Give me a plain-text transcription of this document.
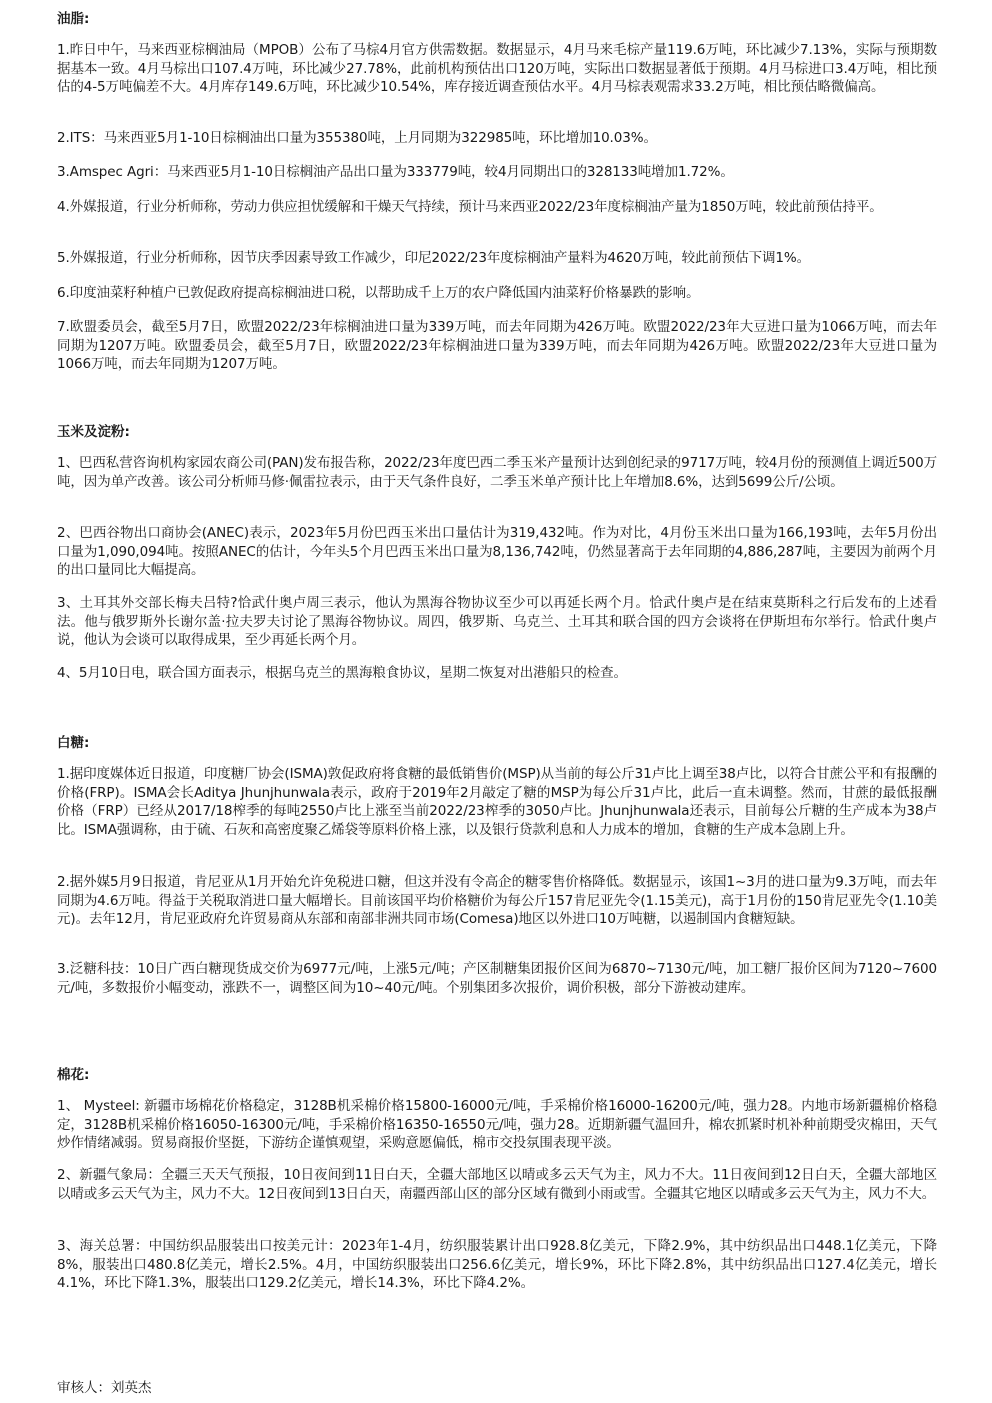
油脂:

1.昨日中午，马来西亚棕榈油局（MPOB）公布了马棕4月官方供需数据。数据显示，4月马来毛棕产量119.6万吨，环比减少7.13%，实际与预期数据基本一致。4月马棕出口107.4万吨，环比减少27.78%，此前机构预估出口120万吨，实际出口数据显著低于预期。4月马棕进口3.4万吨，相比预估的4-5万吨偏差不大。4月库存149.6万吨，环比减少10.54%，库存接近调查预估水平。4月马棕表观需求33.2万吨，相比预估略微偏高。

2.ITS：马来西亚5月1-10日棕榈油出口量为355380吨，上月同期为322985吨，环比增加10.03%。

3.Amspec Agri：马来西亚5月1-10日棕榈油产品出口量为333779吨，较4月同期出口的328133吨增加1.72%。

4.外媒报道，行业分析师称，劳动力供应担忧缓解和干燥天气持续，预计马来西亚2022/23年度棕榈油产量为1850万吨，较此前预估持平。

5.外媒报道，行业分析师称，因节庆季因素导致工作减少，印尼2022/23年度棕榈油产量料为4620万吨，较此前预估下调1%。

6.印度油菜籽种植户已敦促政府提高棕榈油进口税，以帮助成千上万的农户降低国内油菜籽价格暴跌的影响。

7.欧盟委员会，截至5月7日，欧盟2022/23年棕榈油进口量为339万吨，而去年同期为426万吨。欧盟2022/23年大豆进口量为1066万吨，而去年同期为1207万吨。欧盟委员会，截至5月7日，欧盟2022/23年棕榈油进口量为339万吨，而去年同期为426万吨。欧盟2022/23年大豆进口量为1066万吨，而去年同期为1207万吨。

玉米及淀粉:

1、巴西私营咨询机构家园农商公司(PAN)发布报告称，2022/23年度巴西二季玉米产量预计达到创纪录的9717万吨，较4月份的预测值上调近500万吨，因为单产改善。该公司分析师马修·佩雷拉表示，由于天气条件良好，二季玉米单产预计比上年增加8.6%，达到5699公斤/公顷。

2、巴西谷物出口商协会(ANEC)表示，2023年5月份巴西玉米出口量估计为319,432吨。作为对比，4月份玉米出口量为166,193吨，去年5月份出口量为1,090,094吨。按照ANEC的估计，今年头5个月巴西玉米出口量为8,136,742吨，仍然显著高于去年同期的4,886,287吨，主要因为前两个月的出口量同比大幅提高。

3、土耳其外交部长梅夫吕特?恰武什奥卢周三表示，他认为黑海谷物协议至少可以再延长两个月。恰武什奥卢是在结束莫斯科之行后发布的上述看法。他与俄罗斯外长谢尔盖·拉夫罗夫讨论了黑海谷物协议。周四，俄罗斯、乌克兰、土耳其和联合国的四方会谈将在伊斯坦布尔举行。恰武什奥卢说，他认为会谈可以取得成果，至少再延长两个月。

4、5月10日电，联合国方面表示，根据乌克兰的黑海粮食协议，星期二恢复对出港船只的检查。

白糖:

1.据印度媒体近日报道，印度糖厂协会(ISMA)敦促政府将食糖的最低销售价(MSP)从当前的每公斤31卢比上调至38卢比，以符合甘蔗公平和有报酬的价格(FRP)。ISMA会长Aditya Jhunjhunwala表示，政府于2019年2月敲定了糖的MSP为每公斤31卢比，此后一直未调整。然而，甘蔗的最低报酬价格（FRP）已经从2017/18榨季的每吨2550卢比上涨至当前2022/23榨季的3050卢比。Jhunjhunwala还表示，目前每公斤糖的生产成本为38卢比。ISMA强调称，由于硫、石灰和高密度聚乙烯袋等原料价格上涨，以及银行贷款利息和人力成本的增加，食糖的生产成本急剧上升。

2.据外媒5月9日报道，肯尼亚从1月开始允许免税进口糖，但这并没有令高企的糖零售价格降低。数据显示，该国1~3月的进口量为9.3万吨，而去年同期为4.6万吨。得益于关税取消进口量大幅增长。目前该国平均价格糖价为每公斤157肯尼亚先令(1.15美元)，高于1月份的150肯尼亚先令(1.10美元)。去年12月，肯尼亚政府允许贸易商从东部和南部非洲共同市场(Comesa)地区以外进口10万吨糖，以遏制国内食糖短缺。

3.泛糖科技：10日广西白糖现货成交价为6977元/吨，上涨5元/吨；产区制糖集团报价区间为6870~7130元/吨，加工糖厂报价区间为7120~7600元/吨，多数报价小幅变动，涨跌不一，调整区间为10~40元/吨。个别集团多次报价，调价积极，部分下游被动建库。

棉花:

1、 Mysteel: 新疆市场棉花价格稳定，3128B机采棉价格15800-16000元/吨，手采棉价格16000-16200元/吨，强力28。内地市场新疆棉价格稳定，3128B机采棉价格16050-16300元/吨，手采棉价格16350-16550元/吨，强力28。近期新疆气温回升，棉农抓紧时机补种前期受灾棉田，天气炒作情绪减弱。贸易商报价坚挺，下游纺企谨慎观望，采购意愿偏低，棉市交投氛围表现平淡。

2、新疆气象局：全疆三天天气预报，10日夜间到11日白天，全疆大部地区以晴或多云天气为主，风力不大。11日夜间到12日白天，全疆大部地区以晴或多云天气为主，风力不大。12日夜间到13日白天，南疆西部山区的部分区域有微到小雨或雪。全疆其它地区以晴或多云天气为主，风力不大。

3、海关总署：中国纺织品服装出口按美元计：2023年1-4月，纺织服装累计出口928.8亿美元，下降2.9%，其中纺织品出口448.1亿美元，下降8%，服装出口480.8亿美元，增长2.5%。4月，中国纺织服装出口256.6亿美元，增长9%，环比下降2.8%，其中纺织品出口127.4亿美元，增长4.1%，环比下降1.3%，服装出口129.2亿美元，增长14.3%，环比下降4.2%。

审核人：刘英杰
